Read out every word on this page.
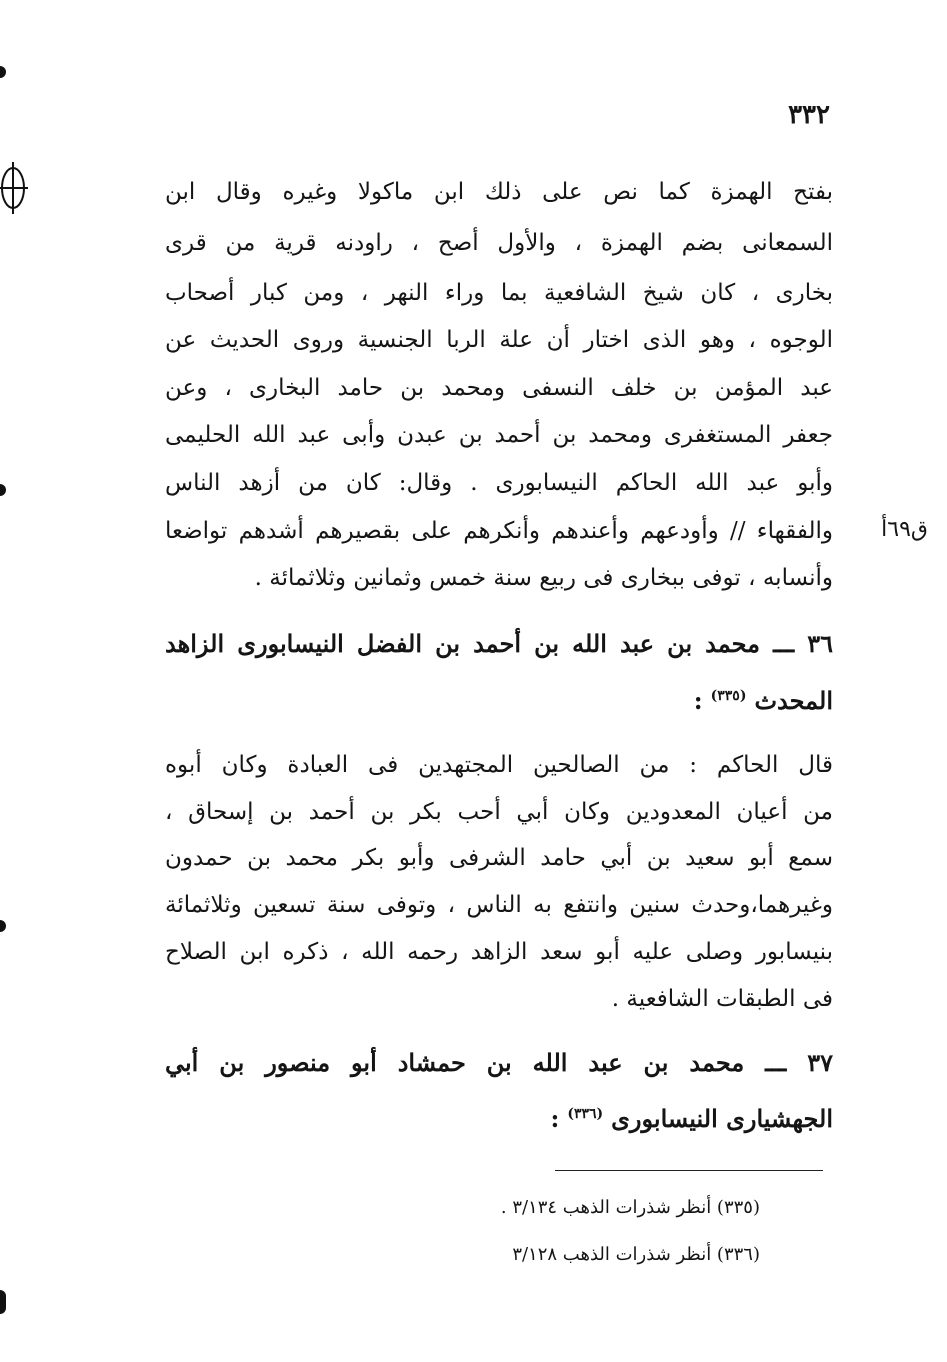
٣٣٢
بفتح الهمزة كما نص على ذلك ابن ماكولا وغيره وقال ابن
السمعانى بضم الهمزة ، والأول أصح ، راودنه قرية من قرى
بخارى ، كان شيخ الشافعية بما وراء النهر ، ومن كبار أصحاب
الوجوه ، وهو الذى اختار أن علة الربا الجنسية وروى الحديث عن
عبد المؤمن بن خلف النسفى ومحمد بن حامد البخارى ، وعن
جعفر المستغفرى ومحمد بن أحمد بن عبدن وأبى عبد الله الحليمى
وأبو عبد الله الحاكم النيسابورى . وقال: كان من أزهد الناس
والفقهاء // وأودعهم وأعندهم وأنكرهم على بقصيرهم أشدهم تواضعا
وأنسابه ، توفى ببخارى فى ربيع سنة خمس وثمانين وثلاثمائة .
ق٦٩أ
٣٦ ـــ محمد بن عبد الله بن أحمد بن الفضل النيسابورى الزاهد
المحدث$^{(٣٣٥)}$:
قال الحاكم : من الصالحين المجتهدين فى العبادة وكان أبوه
من أعيان المعدودين وكان أبي أحب بكر بن أحمد بن إسحاق ،
سمع أبو سعيد بن أبي حامد الشرفى وأبو بكر محمد بن حمدون
وغيرهما،وحدث سنين وانتفع به الناس ، وتوفى سنة تسعين وثلاثمائة
بنيسابور وصلى عليه أبو سعد الزاهد رحمه الله ، ذكره ابن الصلاح
فى الطبقات الشافعية .
٣٧ ـــ محمد بن عبد الله بن حمشاد أبو منصور بن أبي
الجهشيارى النيسابورى$^{(٣٣٦)}$:
(٣٣٥) أنظر شذرات الذهب ٣/١٣٤ .
(٣٣٦) أنظر شذرات الذهب ٣/١٢٨
